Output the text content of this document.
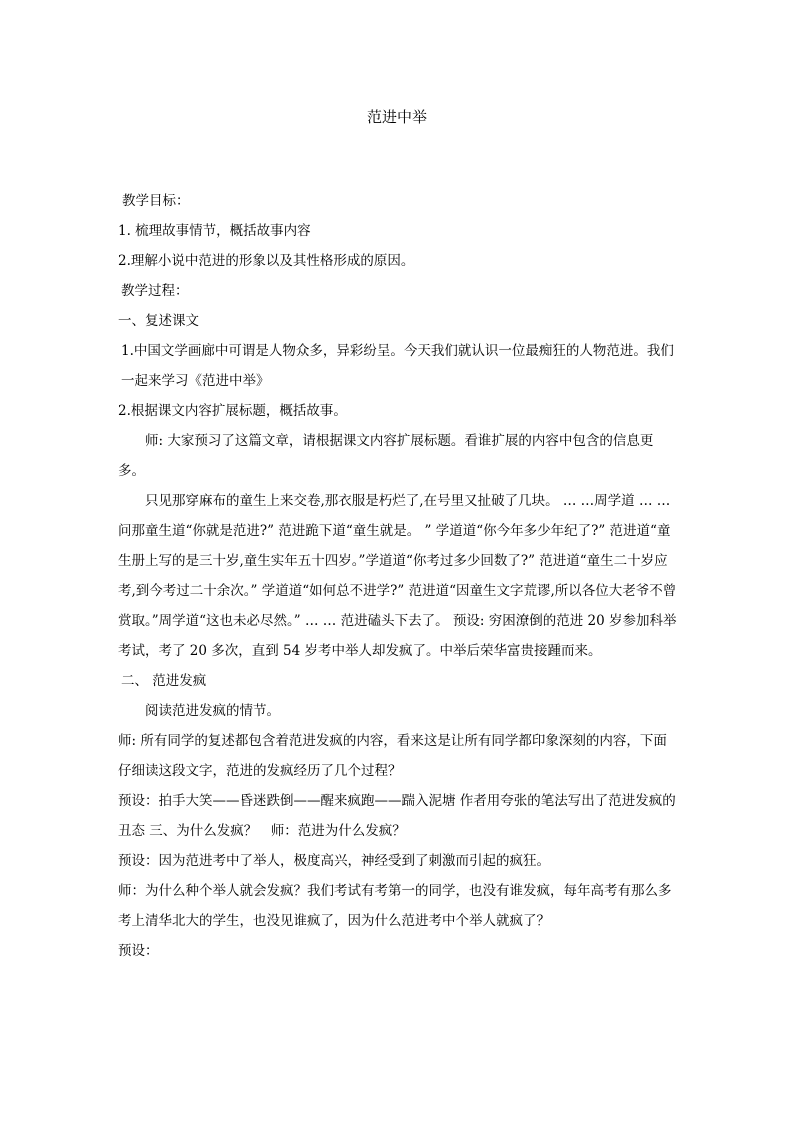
范进中举

教学目标：

1. 梳理故事情节，概括故事内容

2.理解小说中范进的形象以及其性格形成的原因。

教学过程：

一、复述课文

1.中国文学画廊中可谓是人物众多，异彩纷呈。今天我们就认识一位最痴狂的人物范进。我们一起来学习《范进中举》

2.根据课文内容扩展标题，概括故事。

师: 大家预习了这篇文章，请根据课文内容扩展标题。看谁扩展的内容中包含的信息更多。

只见那穿麻布的童生上来交卷,那衣服是朽烂了,在号里又扯破了几块。 … …周学道 … … 问那童生道“你就是范进?” 范进跪下道“童生就是。 ” 学道道“你今年多少年纪了?” 范进道“童生册上写的是三十岁,童生实年五十四岁。”学道道“你考过多少回数了?” 范进道“童生二十岁应考,到今考过二十余次。” 学道道“如何总不进学?” 范进道“因童生文字荒谬,所以各位大老爷不曾赏取。”周学道“这也未必尽然。” … … 范进磕头下去了。 预设: 穷困潦倒的范进 20 岁参加科举考试，考了 20 多次，直到 54 岁考中举人却发疯了。中举后荣华富贵接踵而来。

二、 范进发疯

阅读范进发疯的情节。

师: 所有同学的复述都包含着范进发疯的内容，看来这是让所有同学都印象深刻的内容，下面仔细读这段文字，范进的发疯经历了几个过程？

预设：拍手大笑——昏迷跌倒——醒来疯跑——踹入泥塘 作者用夸张的笔法写出了范进发疯的丑态 三、为什么发疯？　师：范进为什么发疯？

预设：因为范进考中了举人，极度高兴，神经受到了刺激而引起的疯狂。

师：为什么种个举人就会发疯？我们考试有考第一的同学，也没有谁发疯，每年高考有那么多考上清华北大的学生，也没见谁疯了，因为什么范进考中个举人就疯了？

预设：
